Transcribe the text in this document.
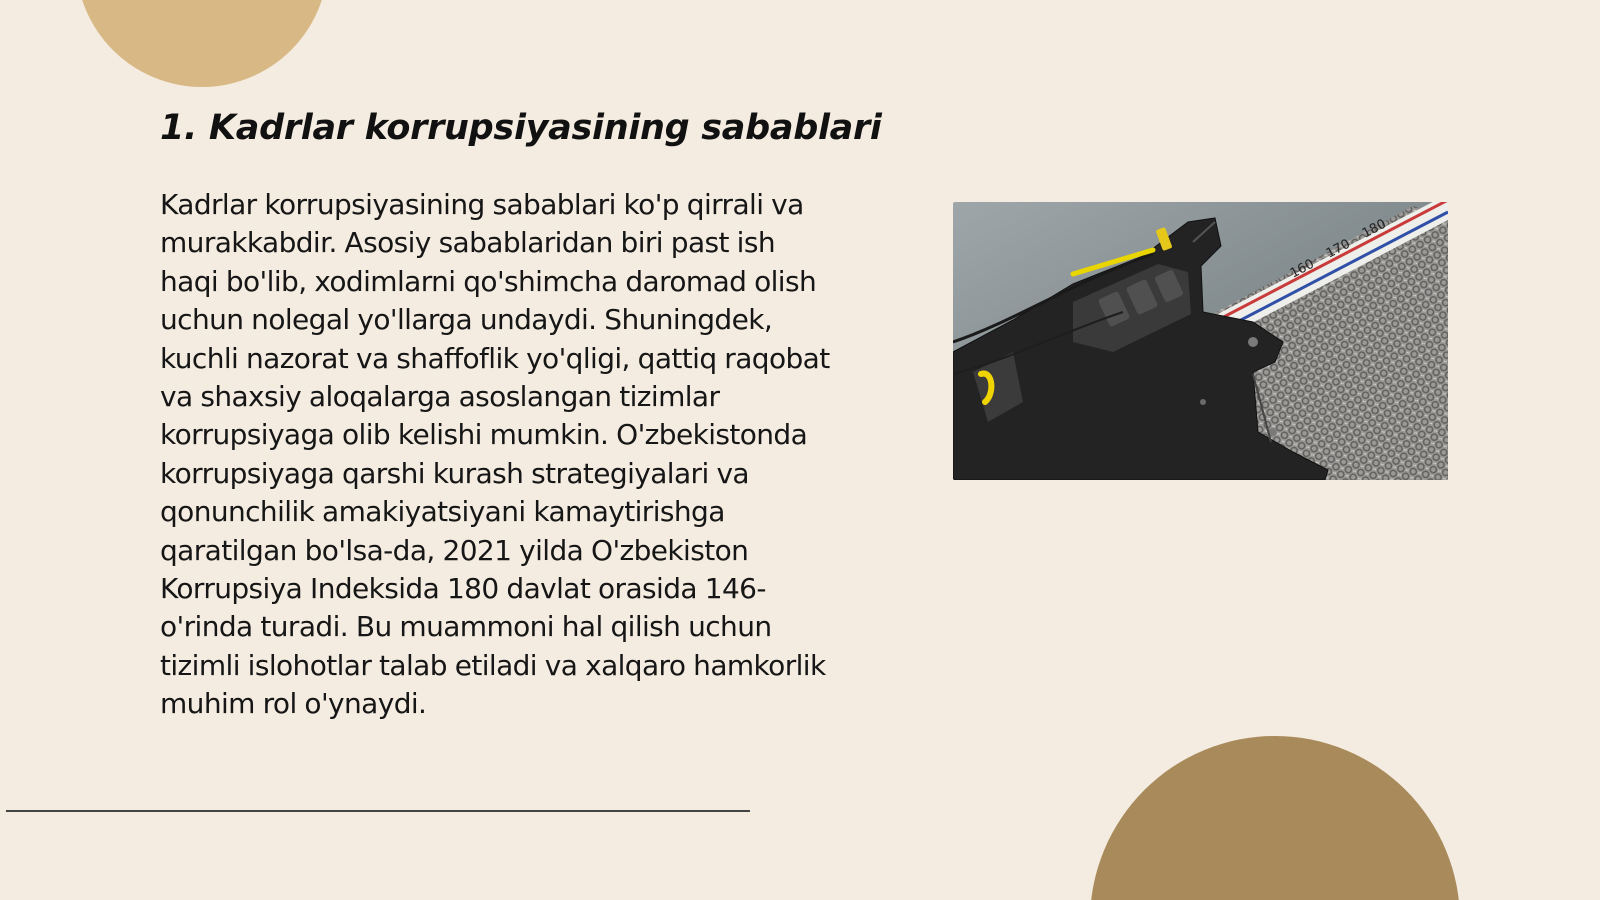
1. Kadrlar korrupsiyasining sabablari

Kadrlar korrupsiyasining sabablari ko'p qirrali va murakkabdir. Asosiy sabablaridan biri past ish haqi bo'lib, xodimlarni qo'shimcha daromad olish uchun nolegal yo'llarga undaydi. Shuningdek, kuchli nazorat va shaffoflik yo'qligi, qattiq raqobat va shaxsiy aloqalarga asoslangan tizimlar korrupsiyaga olib kelishi mumkin. O'zbekistonda korrupsiyaga qarshi kurash strategiyalari va qonunchilik amakiyatsiyani kamaytirishga qaratilgan bo'lsa-da, 2021 yilda O'zbekiston Korrupsiya Indeksida 180 davlat orasida 146-o'rinda turadi. Bu muammoni hal qilish uchun tizimli islohotlar talab etiladi va xalqaro hamkorlik muhim rol o'ynaydi.

160
170
180
